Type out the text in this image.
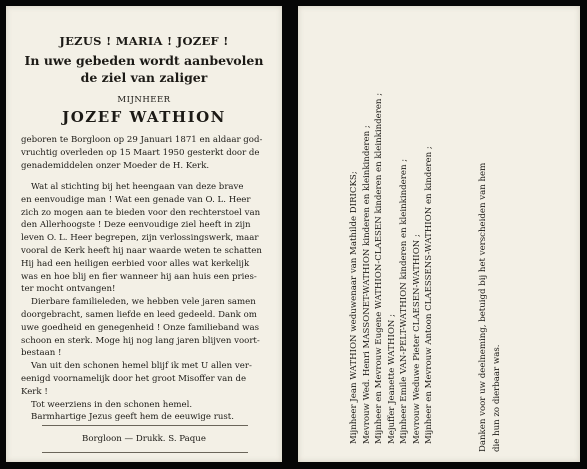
JEZUS ! MARIA ! JOZEF !
In uwe gebeden wordt aanbevolen
de ziel van zaliger
MIJNHEER
JOZEF WATHION
geboren te Borgloon op 29 Januari 1871 en aldaar god-
vruchtig overleden op 15 Maart 1950 gesterkt door de
genademiddelen onzer Moeder de H. Kerk.
Wat al stichting bij het heengaan van deze brave
en eenvoudige man ! Wat een genade van O. L. Heer
zich zo mogen aan te bieden voor den rechterstoel van
den Allerhoogste ! Deze eenvoudige ziel heeft in zijn
leven O. L. Heer begrepen, zijn verlossingswerk, maar
vooral de Kerk heeft hij naar waarde weten te schatten
Hij had een heiligen eerbied voor alles wat kerkelijk
was en hoe blij en fier wanneer hij aan huis een pries-
ter mocht ontvangen!
Dierbare familieleden, we hebben vele jaren samen
doorgebracht, samen liefde en leed gedeeld. Dank om
uwe goedheid en genegenheid ! Onze familieband was
schoon en sterk. Moge hij nog lang jaren blijven voort-
bestaan !
Van uit den schonen hemel blijf ik met U allen ver-
eenigd voornamelijk door het groot Misoffer van de
Kerk !
Tot weerziens in den schonen hemel.
Barmhartige Jezus geeft hem de eeuwige rust.
Borgloon — Drukk. S. Paque	Mijnheer Jean WATHION weduwenaar van Mathilde DIRICKS; Mevrouw Wed. Henri MASSONET-WATHION kinderen en kleinkinderen ; Mijnheer en Mevrouw Eugene WATHION-CLAESEN kinderen en kleinkinderen ; Mejuffer Jeanette WATHION ; Mijnheer Emile VAN-PELT-WATHION kinderen en kleinkinderen ; Mevrouw Weduwe Pieter CLAESEN-WATHION ; Mijnheer en Mevrouw Antoon CLAESSENS-WATHION en kinderen ;	Danken voor uw deelneming, betuigd bij het verscheiden van hem die hun zo dierbaar was.
